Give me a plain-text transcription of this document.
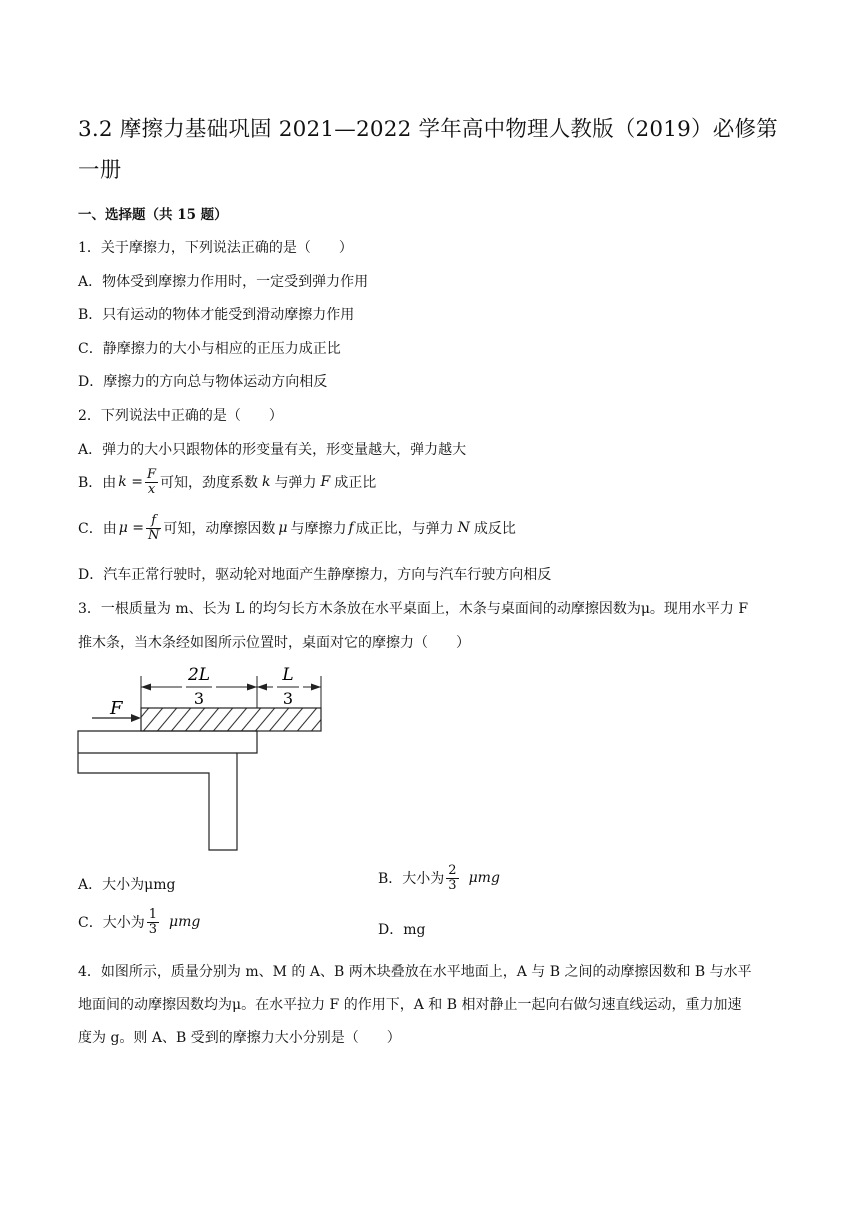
3.2 摩擦力基础巩固 2021—2022 学年高中物理人教版（2019）必修第
一册
一、选择题（共 15 题）
1．关于摩擦力，下列说法正确的是（　　）
A．物体受到摩擦力作用时，一定受到弹力作用
B．只有运动的物体才能受到滑动摩擦力作用
C．静摩擦力的大小与相应的正压力成正比
D．摩擦力的方向总与物体运动方向相反
2．下列说法中正确的是（　　）
A．弹力的大小只跟物体的形变量有关，形变量越大，弹力越大
B．由 $k = \frac{F}{x}$ 可知，劲度系数 k 与弹力 F 成正比
C．由 $\mu = \frac{f}{N}$ 可知，动摩擦因数 μ 与摩擦力 f 成正比，与弹力 N 成反比
D．汽车正常行驶时，驱动轮对地面产生静摩擦力，方向与汽车行驶方向相反
3．一根质量为 m、长为 L 的均匀长方木条放在水平桌面上，木条与桌面间的动摩擦因数为μ。现用水平力 F
推木条，当木条经如图所示位置时，桌面对它的摩擦力（　　）
F
2L
3
L
3
A．大小为μmg	B．大小为 $\frac{2}{3}$ μmg
C．大小为 $\frac{1}{3}$ μmg	D．mg
4．如图所示，质量分别为 m、M 的 A、B 两木块叠放在水平地面上，A 与 B 之间的动摩擦因数和 B 与水平
地面间的动摩擦因数均为μ。在水平拉力 F 的作用下，A 和 B 相对静止一起向右做匀速直线运动，重力加速
度为 g。则 A、B 受到的摩擦力大小分别是（　　）
